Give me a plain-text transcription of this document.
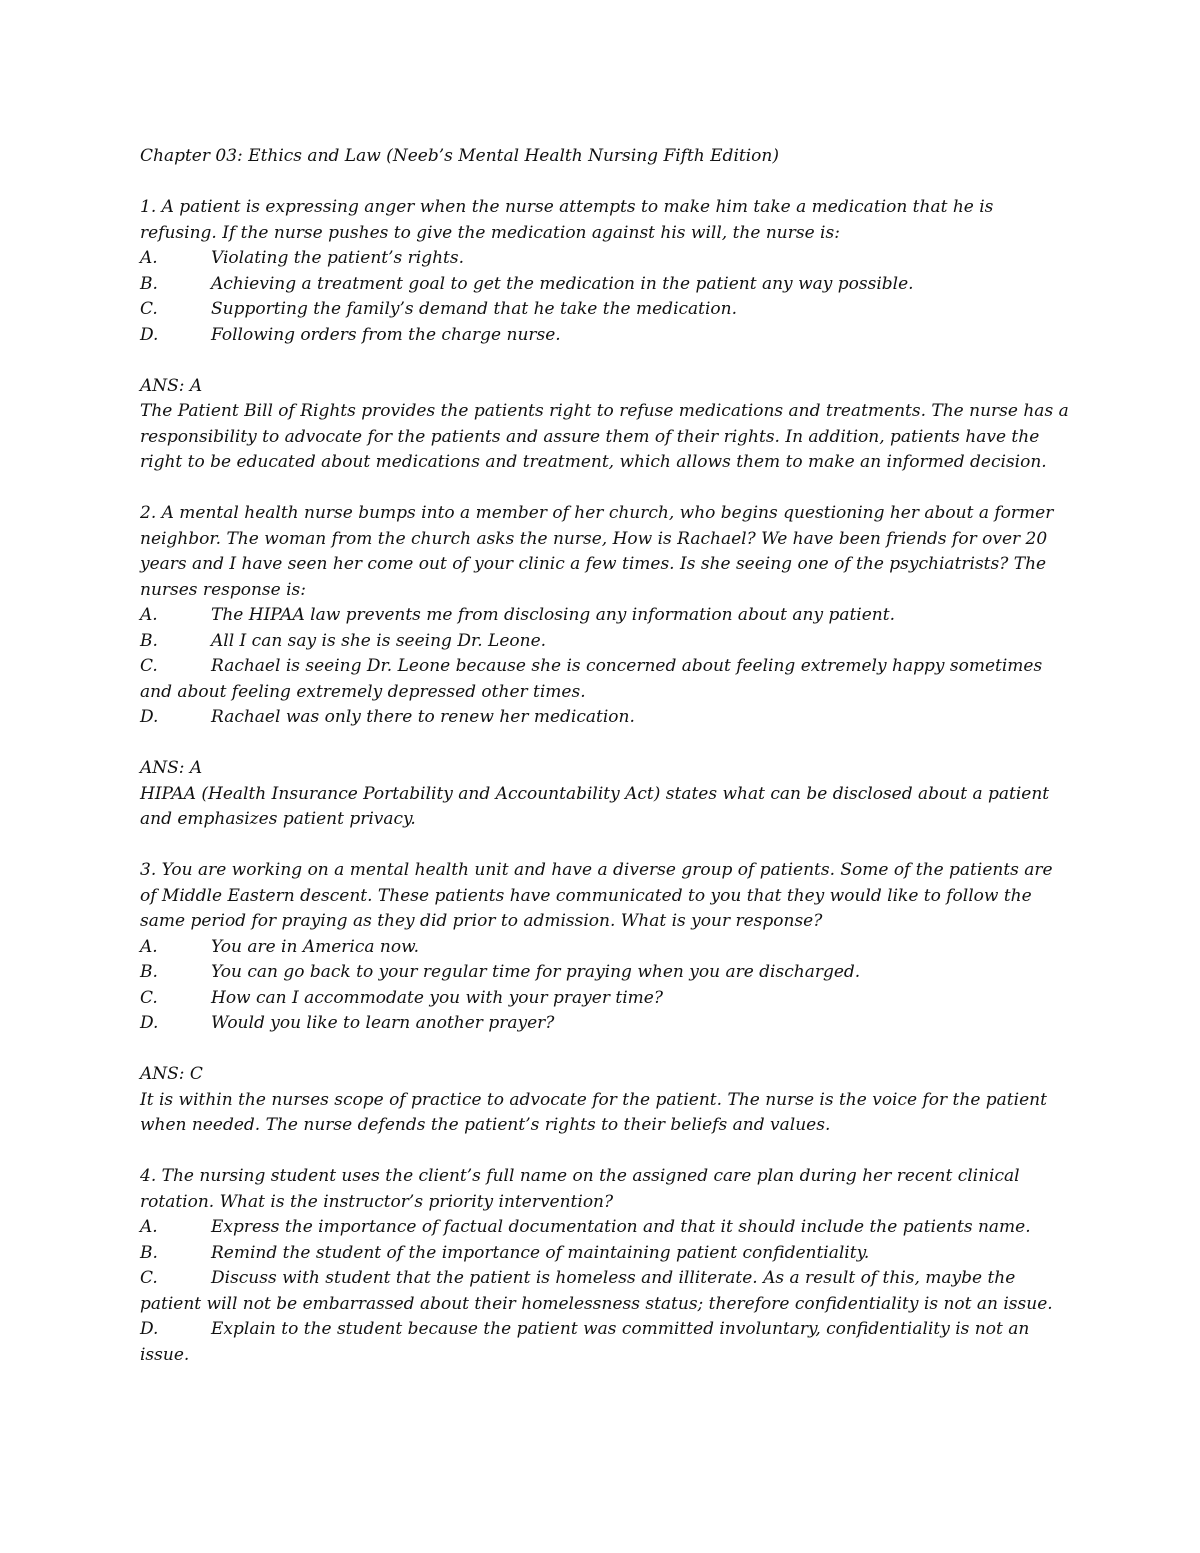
Chapter 03: Ethics and Law (Neeb’s Mental Health Nursing Fifth Edition)

1. A patient is expressing anger when the nurse attempts to make him take a medication that he is refusing. If the nurse pushes to give the medication against his will, the nurse is:

A.	Violating the patient’s rights.

B.	Achieving a treatment goal to get the medication in the patient any way possible.

C.	Supporting the family’s demand that he take the medication.

D.	Following orders from the charge nurse.

ANS: A

The Patient Bill of Rights provides the patients right to refuse medications and treatments. The nurse has a responsibility to advocate for the patients and assure them of their rights. In addition, patients have the right to be educated about medications and treatment, which allows them to make an informed decision.

2. A mental health nurse bumps into a member of her church, who begins questioning her about a former neighbor. The woman from the church asks the nurse, How is Rachael? We have been friends for over 20 years and I have seen her come out of your clinic a few times. Is she seeing one of the psychiatrists? The nurses response is:

A.	The HIPAA law prevents me from disclosing any information about any patient.

B.	All I can say is she is seeing Dr. Leone.

C.	Rachael is seeing Dr. Leone because she is concerned about feeling extremely happy sometimes and about feeling extremely depressed other times.

D.	Rachael was only there to renew her medication.

ANS: A

HIPAA (Health Insurance Portability and Accountability Act) states what can be disclosed about a patient and emphasizes patient privacy.

3. You are working on a mental health unit and have a diverse group of patients. Some of the patients are of Middle Eastern descent. These patients have communicated to you that they would like to follow the same period for praying as they did prior to admission. What is your response?

A.	You are in America now.

B.	You can go back to your regular time for praying when you are discharged.

C.	How can I accommodate you with your prayer time?

D.	Would you like to learn another prayer?

ANS: C

It is within the nurses scope of practice to advocate for the patient. The nurse is the voice for the patient when needed. The nurse defends the patient’s rights to their beliefs and values.

4. The nursing student uses the client’s full name on the assigned care plan during her recent clinical rotation. What is the instructor’s priority intervention?

A.	Express the importance of factual documentation and that it should include the patients name.

B.	Remind the student of the importance of maintaining patient confidentiality.

C.	Discuss with student that the patient is homeless and illiterate. As a result of this, maybe the patient will not be embarrassed about their homelessness status; therefore confidentiality is not an issue.

D.	Explain to the student because the patient was committed involuntary, confidentiality is not an issue.
